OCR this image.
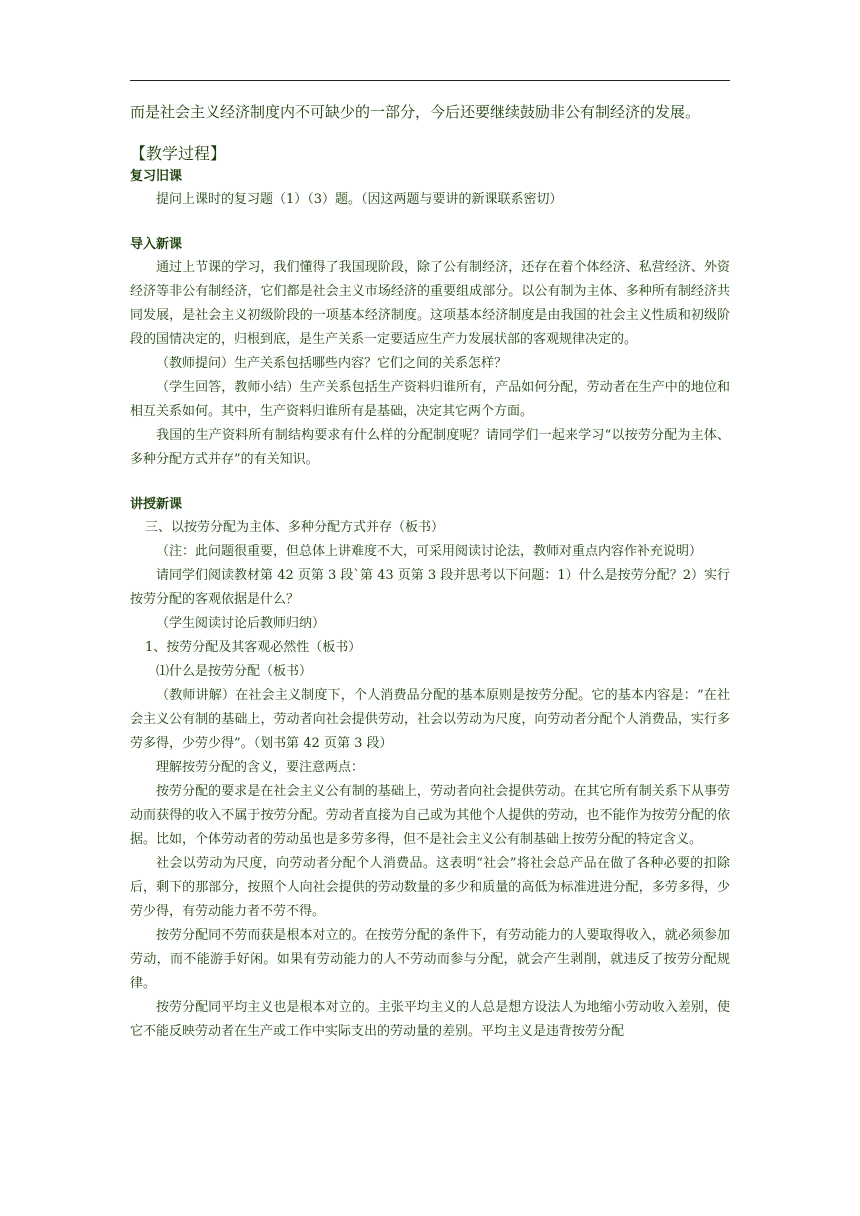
而是社会主义经济制度内不可缺少的一部分，今后还要继续鼓励非公有制经济的发展。

【教学过程】
复习旧课

提问上课时的复习题（1）（3）题。（因这两题与要讲的新课联系密切）

导入新课

通过上节课的学习，我们懂得了我国现阶段，除了公有制经济，还存在着个体经济、私营经济、外资经济等非公有制经济，它们都是社会主义市场经济的重要组成部分。以公有制为主体、多种所有制经济共同发展，是社会主义初级阶段的一项基本经济制度。这项基本经济制度是由我国的社会主义性质和初级阶段的国情决定的，归根到底，是生产关系一定要适应生产力发展状部的客观规律决定的。

（教师提问）生产关系包括哪些内容？它们之间的关系怎样？

（学生回答，教师小结）生产关系包括生产资料归谁所有，产品如何分配，劳动者在生产中的地位和相互关系如何。其中，生产资料归谁所有是基础，决定其它两个方面。

我国的生产资料所有制结构要求有什么样的分配制度呢？请同学们一起来学习“以按劳分配为主体、多种分配方式并存”的有关知识。

讲授新课

三、以按劳分配为主体、多种分配方式并存（板书）

（注：此问题很重要，但总体上讲难度不大，可采用阅读讨论法，教师对重点内容作补充说明）

请同学们阅读教材第 42 页第 3 段`第 43 页第 3 段并思考以下问题：1）什么是按劳分配？2）实行按劳分配的客观依据是什么？

（学生阅读讨论后教师归纳）

1、按劳分配及其客观必然性（板书）

⑴什么是按劳分配（板书）

（教师讲解）在社会主义制度下，个人消费品分配的基本原则是按劳分配。它的基本内容是：“在社会主义公有制的基础上，劳动者向社会提供劳动，社会以劳动为尺度，向劳动者分配个人消费品，实行多劳多得，少劳少得”。（划书第 42 页第 3 段）

理解按劳分配的含义，要注意两点：

按劳分配的要求是在社会主义公有制的基础上，劳动者向社会提供劳动。在其它所有制关系下从事劳动而获得的收入不属于按劳分配。劳动者直接为自己或为其他个人提供的劳动，也不能作为按劳分配的依据。比如，个体劳动者的劳动虽也是多劳多得，但不是社会主义公有制基础上按劳分配的特定含义。

社会以劳动为尺度，向劳动者分配个人消费品。这表明“社会”将社会总产品在做了各种必要的扣除后，剩下的那部分，按照个人向社会提供的劳动数量的多少和质量的高低为标准进进分配，多劳多得，少劳少得，有劳动能力者不劳不得。

按劳分配同不劳而获是根本对立的。在按劳分配的条件下，有劳动能力的人要取得收入，就必须参加劳动，而不能游手好闲。如果有劳动能力的人不劳动而参与分配，就会产生剥削，就违反了按劳分配规律。

按劳分配同平均主义也是根本对立的。主张平均主义的人总是想方设法人为地缩小劳动收入差别，使它不能反映劳动者在生产或工作中实际支出的劳动量的差别。平均主义是违背按劳分配
